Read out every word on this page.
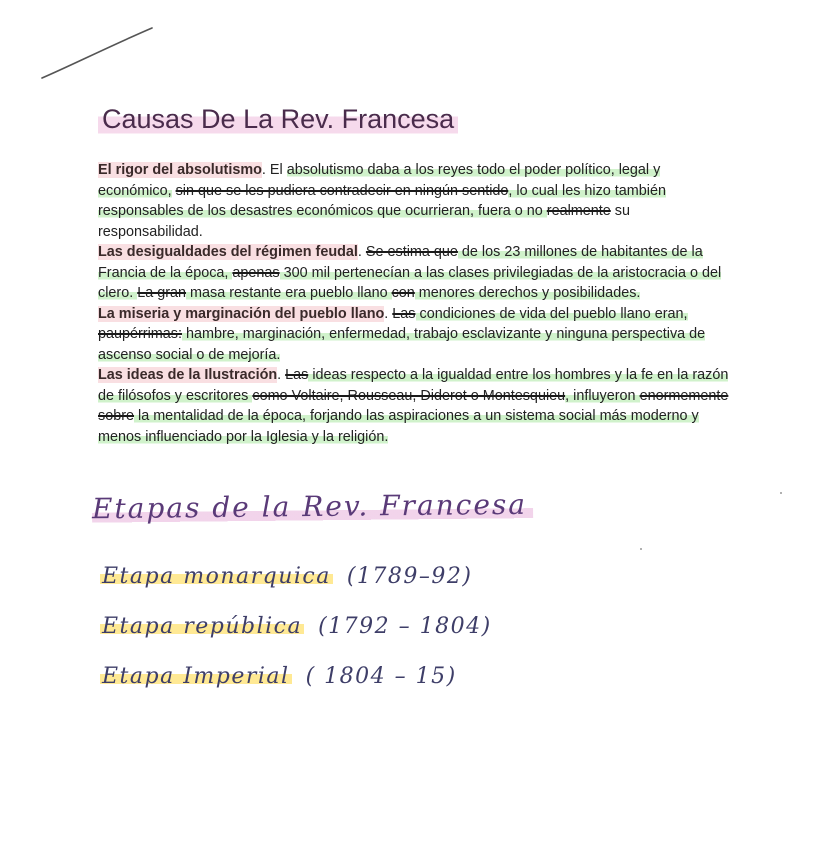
Causas De La Rev. Francesa

El rigor del absolutismo. El absolutismo daba a los reyes todo el poder político, legal y económico, sin que se les pudiera contradecir en ningún sentido, lo cual les hizo también responsables de los desastres económicos que ocurrieran, fuera o no realmente su responsabilidad.

Las desigualdades del régimen feudal. Se estima que de los 23 millones de habitantes de la Francia de la época, apenas 300 mil pertenecían a las clases privilegiadas de la aristocracia o del clero. La gran masa restante era pueblo llano con menores derechos y posibilidades.

La miseria y marginación del pueblo llano. Las condiciones de vida del pueblo llano eran, paupérrimas: hambre, marginación, enfermedad, trabajo esclavizante y ninguna perspectiva de ascenso social o de mejoría.

Las ideas de la Ilustración. Las ideas respecto a la igualdad entre los hombres y la fe en la razón de filósofos y escritores como Voltaire, Rousseau, Diderot o Montesquieu, influyeron enormemente sobre la mentalidad de la época, forjando las aspiraciones a un sistema social más moderno y menos influenciado por la Iglesia y la religión.

Etapas de la Rev. Francesa
Etapa monarquica (1789–92)
Etapa república (1792 – 1804)
Etapa Imperial ( 1804 – 15)
